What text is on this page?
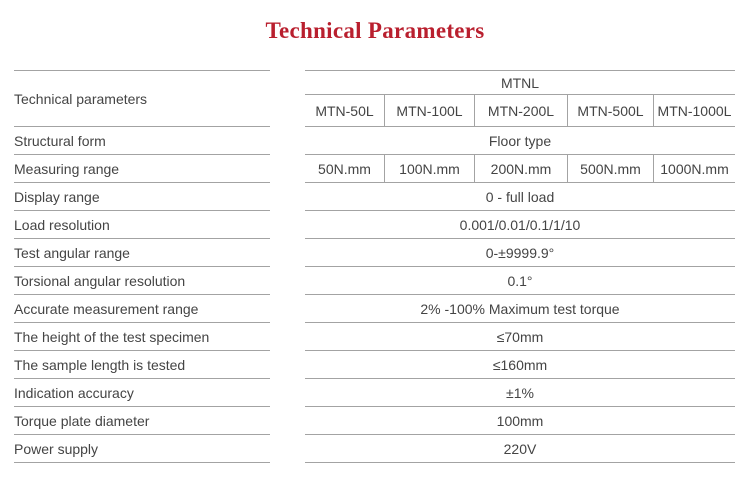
Technical Parameters
Technical parameters
MTNL
MTN-50L	MTN-100L	MTN-200L	MTN-500L MTN-1000L
Structural form	Floor type
Measuring range	50N.mm	100N.mm	200N.mm	500N.mm	1000N.mm
Display range	0 - full load
Load resolution	0.001/0.01/0.1/1/10
Test angular range	0-±9999.9°
Torsional angular resolution	0.1°
Accurate measurement range	2% -100% Maximum test torque
The height of the test specimen	≤70mm
The sample length is tested	≤160mm
Indication accuracy	±1%
Torque plate diameter	100mm
Power supply	220V
